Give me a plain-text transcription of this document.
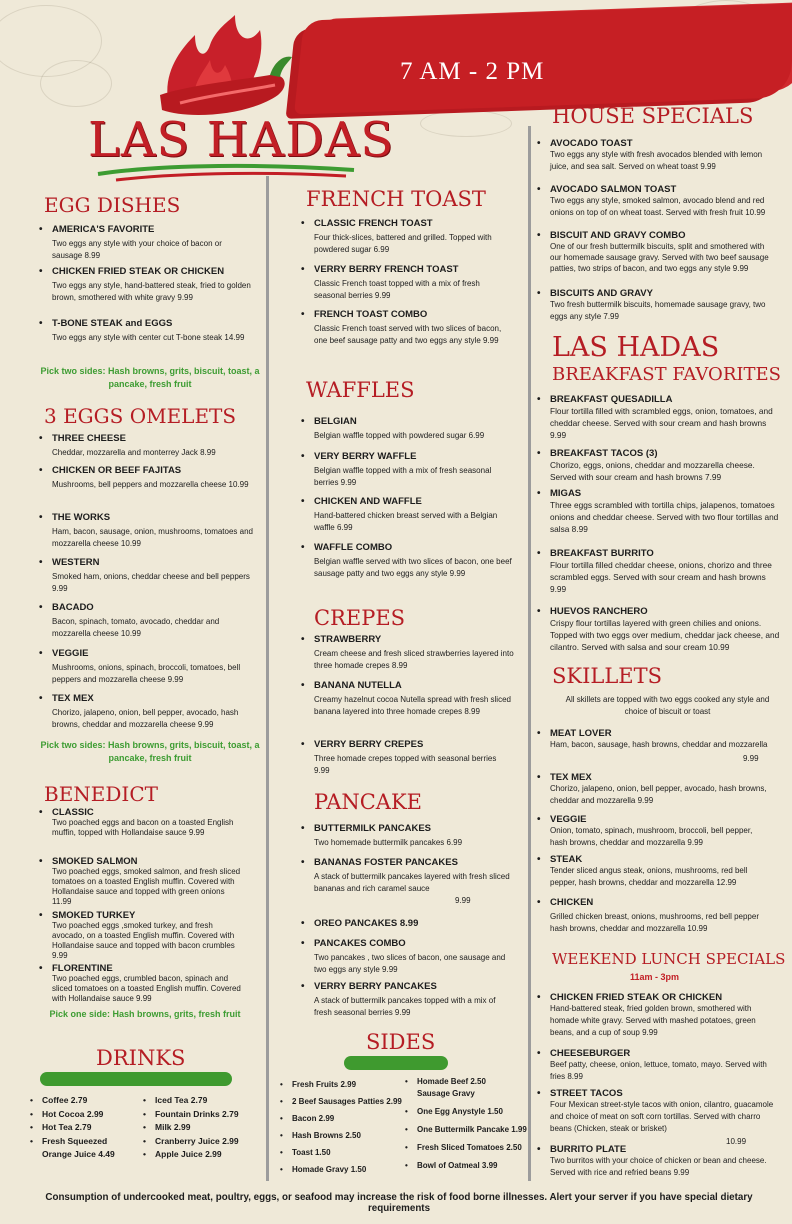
7 AM - 2 PM
LAS HADAS
EGG DISHES
• AMERICA'S FAVORITE
Two eggs any style with your choice of bacon or sausage 8.99
• CHICKEN FRIED STEAK OR CHICKEN
Two eggs any style, hand-battered steak, fried to golden brown, smothered with white gravy 9.99
• T-BONE STEAK and EGGS
Two eggs any style with center cut T-bone steak 14.99
Pick two sides: Hash browns, grits, biscuit, toast, a pancake, fresh fruit
3 EGGS OMELETS
• THREE CHEESE
Cheddar, mozzarella and monterrey Jack 8.99
• CHICKEN OR BEEF FAJITAS
Mushrooms, bell peppers and mozzarella cheese 10.99
• THE WORKS
Ham, bacon, sausage, onion, mushrooms, tomatoes and mozzarella cheese 10.99
• WESTERN
Smoked ham, onions, cheddar cheese and bell peppers 9.99
• BACADO
Bacon, spinach, tomato, avocado, cheddar and mozzarella cheese 10.99
• VEGGIE
Mushrooms, onions, spinach, broccoli, tomatoes, bell peppers and mozzarella cheese 9.99
• TEX MEX
Chorizo, jalapeno, onion, bell pepper, avocado, hash browns, cheddar and mozzarella cheese 9.99
Pick two sides: Hash browns, grits, biscuit, toast, a pancake, fresh fruit
BENEDICT
• CLASSIC
Two poached eggs and bacon on a toasted English muffin, topped with Hollandaise sauce 9.99
• SMOKED SALMON
Two poached eggs, smoked salmon, and fresh sliced tomatoes on a toasted English muffin. Covered with Hollandaise sauce and topped with green onions 11.99
• SMOKED TURKEY
Two poached eggs ,smoked turkey, and fresh avocado, on a toasted English muffin. Covered with Hollandaise sauce and topped with bacon crumbles 9.99
• FLORENTINE
Two poached eggs, crumbled bacon, spinach and sliced tomatoes on a toasted English muffin. Covered with Hollandaise sauce 9.99
Pick one side: Hash browns, grits, fresh fruit
DRINKS
• Coffee 2.79
• Hot Cocoa 2.99
• Hot Tea 2.79
• Fresh Squeezed
Orange Juice 4.49
• Iced Tea 2.79
• Fountain Drinks 2.79
• Milk 2.99
• Cranberry Juice 2.99
• Apple Juice 2.99
FRENCH TOAST
• CLASSIC FRENCH TOAST
Four thick-slices, battered and grilled. Topped with powdered sugar 6.99
• VERRY BERRY FRENCH TOAST
Classic French toast topped with a mix of fresh seasonal berries 9.99
• FRENCH TOAST COMBO
Classic French toast served with two slices of bacon, one beef sausage patty and two eggs any style 9.99
WAFFLES
• BELGIAN
Belgian waffle topped with powdered sugar 6.99
• VERY BERRY WAFFLE
Belgian waffle topped with a mix of fresh seasonal berries 9.99
• CHICKEN AND WAFFLE
Hand-battered chicken breast served with a Belgian waffle 6.99
• WAFFLE COMBO
Belgian waffle served with two slices of bacon, one beef sausage patty and two eggs any style 9.99
CREPES
• STRAWBERRY
Cream cheese and fresh sliced strawberries layered into three homade crepes 8.99
• BANANA NUTELLA
Creamy hazelnut cocoa Nutella spread with fresh sliced banana layered into three homade crepes 8.99
• VERRY BERRY CREPES
Three homade crepes topped with seasonal berries 9.99
PANCAKE
• BUTTERMILK PANCAKES
Two homemade buttermilk pancakes 6.99
• BANANAS FOSTER PANCAKES
A stack of buttermilk pancakes layered with fresh sliced bananas and rich caramel sauce
9.99
• OREO PANCAKES 8.99
• PANCAKES COMBO
Two pancakes , two slices of bacon, one sausage and two eggs any style 9.99
• VERRY BERRY PANCAKES
A stack of buttermilk pancakes topped with a mix of fresh seasonal berries 9.99
SIDES
• Fresh Fruits 2.99
• 2 Beef Sausages Patties 2.99
• Bacon 2.99
• Hash Browns 2.50
• Toast 1.50
• Homade Gravy 1.50
• Homade Beef 2.50
Sausage Gravy
• One Egg Anystyle 1.50
• One Buttermilk Pancake 1.99
• Fresh Sliced Tomatoes 2.50
• Bowl of Oatmeal 3.99
HOUSE SPECIALS
• AVOCADO TOAST
Two eggs any style with fresh avocados blended with lemon juice, and sea salt. Served on wheat toast 9.99
• AVOCADO SALMON TOAST
Two eggs any style, smoked salmon, avocado blend and red onions on top of on wheat toast. Served with fresh fruit 10.99
• BISCUIT AND GRAVY COMBO
One of our fresh buttermilk biscuits, split and smothered with our homemade sausage gravy. Served with two beef sausage patties, two strips of bacon, and two eggs any style 9.99
• BISCUITS AND GRAVY
Two fresh buttermilk biscuits, homemade sausage gravy, two eggs any style 7.99
LAS HADAS
BREAKFAST FAVORITES
• BREAKFAST QUESADILLA
Flour tortilla filled with scrambled eggs, onion, tomatoes, and cheddar cheese. Served with sour cream and hash browns 9.99
• BREAKFAST TACOS (3)
Chorizo, eggs, onions, cheddar and mozzarella cheese. Served with sour cream and hash browns 7.99
• MIGAS
Three eggs scrambled with tortilla chips, jalapenos, tomatoes onions and cheddar cheese. Served with two flour tortillas and salsa 8.99
• BREAKFAST BURRITO
Flour tortilla filled cheddar cheese, onions, chorizo and three scrambled eggs. Served with sour cream and hash browns 9.99
• HUEVOS RANCHERO
Crispy flour tortillas layered with green chilies and onions. Topped with two eggs over medium, cheddar jack cheese, and cilantro. Served with salsa and sour cream 10.99
SKILLETS
All skillets are topped with two eggs cooked any style and choice of biscuit or toast
• MEAT LOVER
Ham, bacon, sausage, hash browns, cheddar and mozzarella
9.99
• TEX MEX
Chorizo, jalapeno, onion, bell pepper, avocado, hash browns, cheddar and mozzarella 9.99
• VEGGIE
Onion, tomato, spinach, mushroom, broccoli, bell pepper, hash browns, cheddar and mozzarella 9.99
• STEAK
Tender sliced angus steak, onions, mushrooms, red bell pepper, hash browns, cheddar and mozzarella 12.99
• CHICKEN
Grilled chicken breast, onions, mushrooms, red bell pepper hash browns, cheddar and mozzarella 10.99
WEEKEND LUNCH SPECIALS
11am - 3pm
• CHICKEN FRIED STEAK OR CHICKEN
Hand-battered steak, fried golden brown, smothered with homade white gravy. Served with mashed potatoes, green beans, and a cup of soup 9.99
• CHEESEBURGER
Beef patty, cheese, onion, lettuce, tomato, mayo. Served with fries 8.99
• STREET TACOS
Four Mexican street-style tacos with onion, cilantro, guacamole and choice of meat on soft corn tortillas. Served with charro beans (Chicken, steak or brisket)
10.99
• BURRITO PLATE
Two burritos with your choice of chicken or bean and cheese. Served with rice and refried beans 9.99
Consumption of undercooked meat, poultry, eggs, or seafood may increase the risk of food borne illnesses. Alert your server if you have special dietary requirements
